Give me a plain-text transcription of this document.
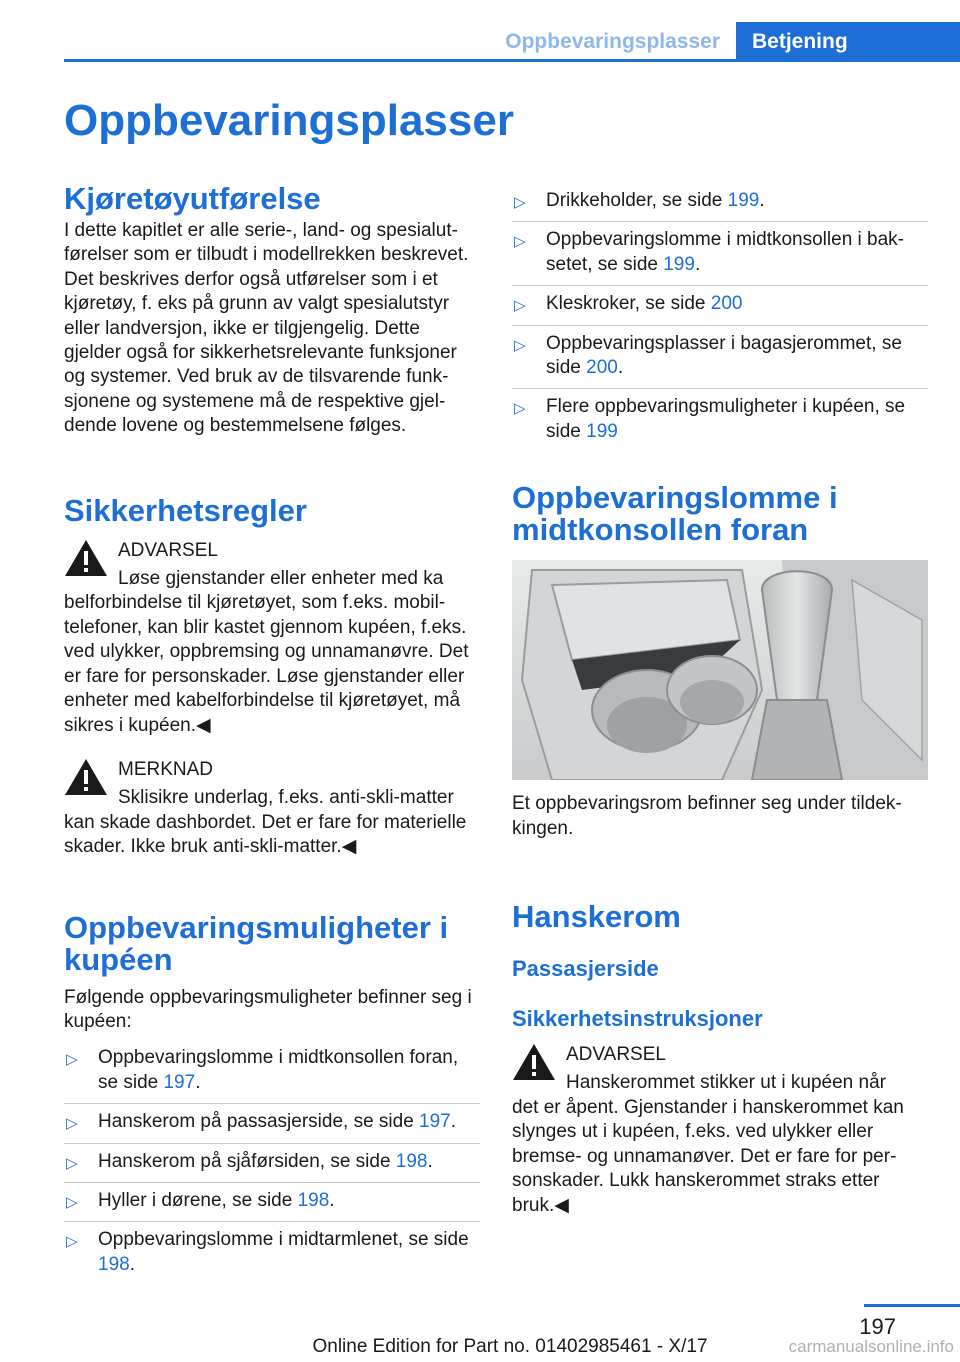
Oppbevaringsplasser	Betjening
Oppbevaringsplasser
Kjøretøyutførelse

I dette kapitlet er alle serie-, land- og spesialutførelser som er tilbudt i modellrekken beskrevet. Det beskrives derfor også utførelser som i et kjøretøy, f. eks på grunn av valgt spesialutstyr eller landversjon, ikke er tilgjengelig. Dette gjelder også for sikkerhetsrelevante funksjoner og systemer. Ved bruk av de tilsvarende funksjonene og systemene må de respektive gjeldende lovene og bestemmelsene følges.

Sikkerhetsregler

ADVARSEL

Løse gjenstander eller enheter med ka

belforbindelse til kjøretøyet, som f.eks. mobiltelefoner, kan blir kastet gjennom kupéen, f.eks. ved ulykker, oppbremsing og unnamanøvre. Det er fare for personskader. Løse gjenstander eller enheter med kabelforbindelse til kjøretøyet, må sikres i kupéen.◀

MERKNAD

Sklisikre underlag, f.eks. anti-skli-matter

kan skade dashbordet. Det er fare for materielle skader. Ikke bruk anti-skli-matter.◀

Oppbevaringsmuligheter i kupéen

Følgende oppbevaringsmuligheter befinner seg i kupéen:

▷ Oppbevaringslomme i midtkonsollen foran, se side 197.
▷ Hanskerom på passasjerside, se side 197.
▷ Hanskerom på sjåførsiden, se side 198.
▷ Hyller i dørene, se side 198.
▷ Oppbevaringslomme i midtarmlenet, se side 198.
▷ Drikkeholder, se side 199.
▷ Oppbevaringslomme i midtkonsollen i baksetet, se side 199.
▷ Kleskroker, se side 200
▷ Oppbevaringsplasser i bagasjerommet, se side 200.
▷ Flere oppbevaringsmuligheter i kupéen, se side 199
Oppbevaringslomme i midtkonsollen foran

Et oppbevaringsrom befinner seg under tildekkingen.

Hanskerom
Passasjerside
Sikkerhetsinstruksjoner

ADVARSEL

Hanskerommet stikker ut i kupéen når

det er åpent. Gjenstander i hanskerommet kan slynges ut i kupéen, f.eks. ved ulykker eller bremse- og unnamanøver. Det er fare for personskader. Lukk hanskerommet straks etter bruk.◀

197
Online Edition for Part no. 01402985461 - X/17	carmanualsonline.info
